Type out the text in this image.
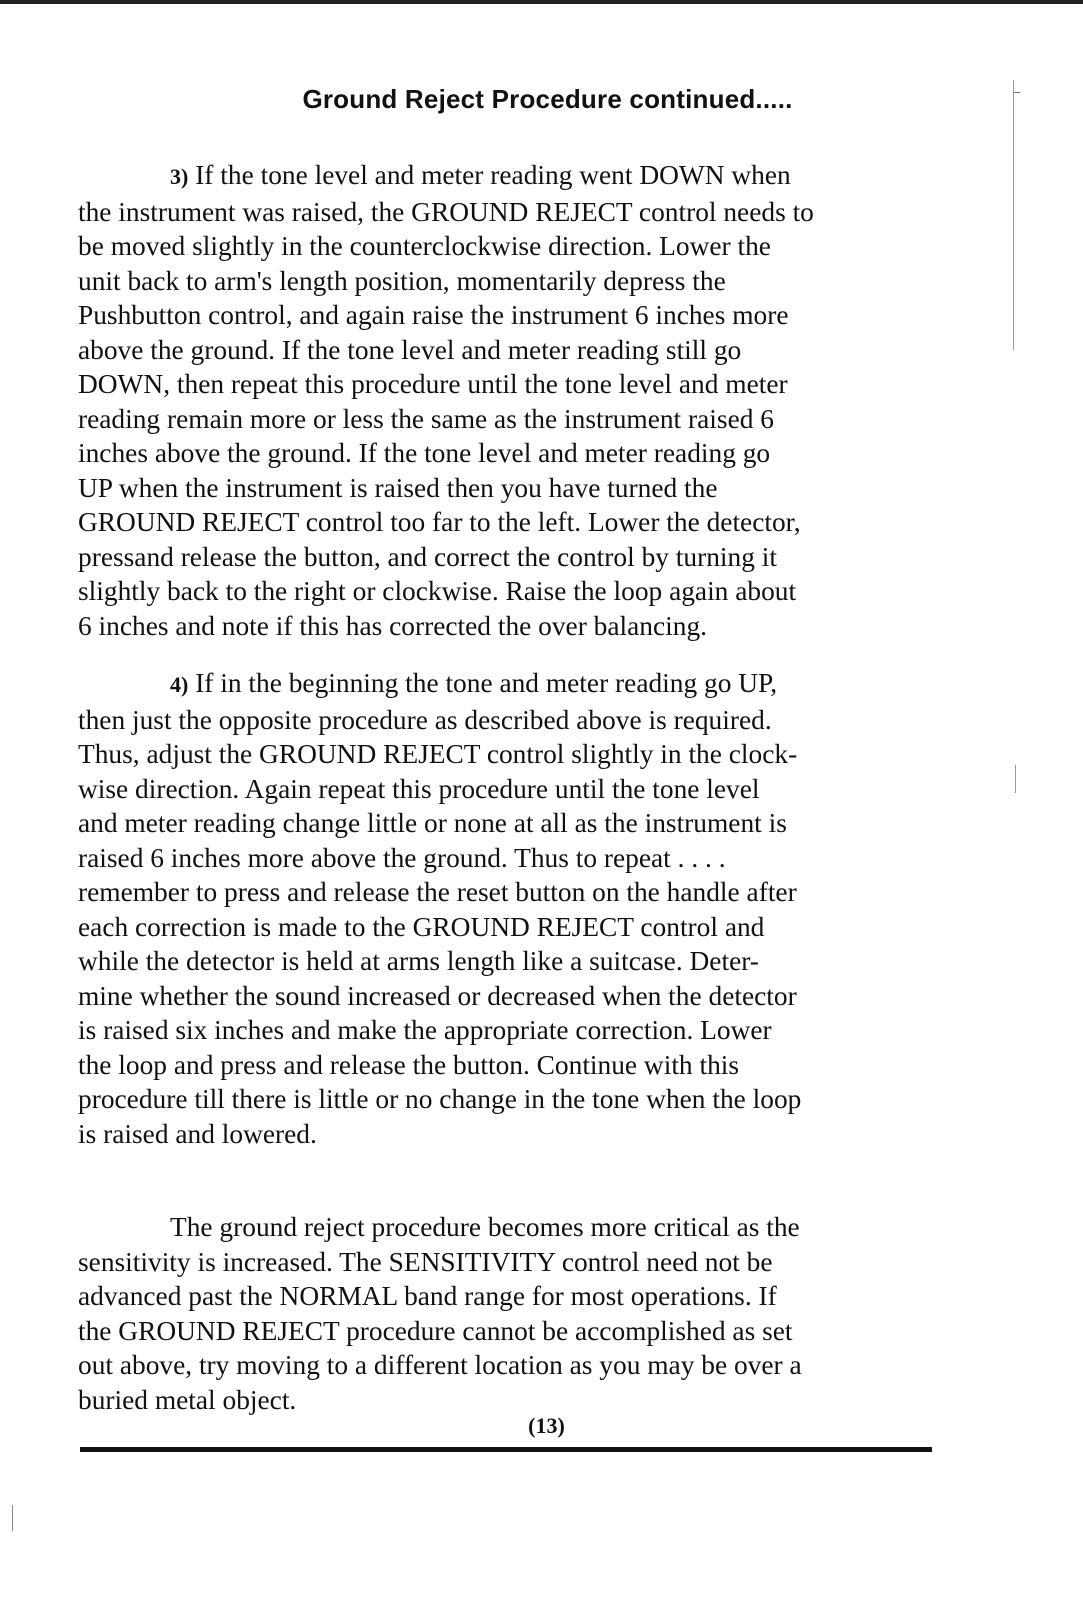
Ground Reject Procedure continued.....
3) If the tone level and meter reading went DOWN when
the instrument was raised, the GROUND REJECT control needs to
be moved slightly in the counterclockwise direction. Lower the
unit back to arm's length position, momentarily depress the
Pushbutton control, and again raise the instrument 6 inches more
above the ground. If the tone level and meter reading still go
DOWN, then repeat this procedure until the tone level and meter
reading remain more or less the same as the instrument raised 6
inches above the ground. If the tone level and meter reading go
UP when the instrument is raised then you have turned the
GROUND REJECT control too far to the left. Lower the detector,
pressand release the button, and correct the control by turning it
slightly back to the right or clockwise. Raise the loop again about
6 inches and note if this has corrected the over balancing.
4) If in the beginning the tone and meter reading go UP,
then just the opposite procedure as described above is required.
Thus, adjust the GROUND REJECT control slightly in the clock-
wise direction. Again repeat this procedure until the tone level
and meter reading change little or none at all as the instrument is
raised 6 inches more above the ground. Thus to repeat . . . .
remember to press and release the reset button on the handle after
each correction is made to the GROUND REJECT control and
while the detector is held at arms length like a suitcase. Deter-
mine whether the sound increased or decreased when the detector
is raised six inches and make the appropriate correction. Lower
the loop and press and release the button. Continue with this
procedure till there is little or no change in the tone when the loop
is raised and lowered.
The ground reject procedure becomes more critical as the
sensitivity is increased. The SENSITIVITY control need not be
advanced past the NORMAL band range for most operations. If
the GROUND REJECT procedure cannot be accomplished as set
out above, try moving to a different location as you may be over a
buried metal object.
(13)
